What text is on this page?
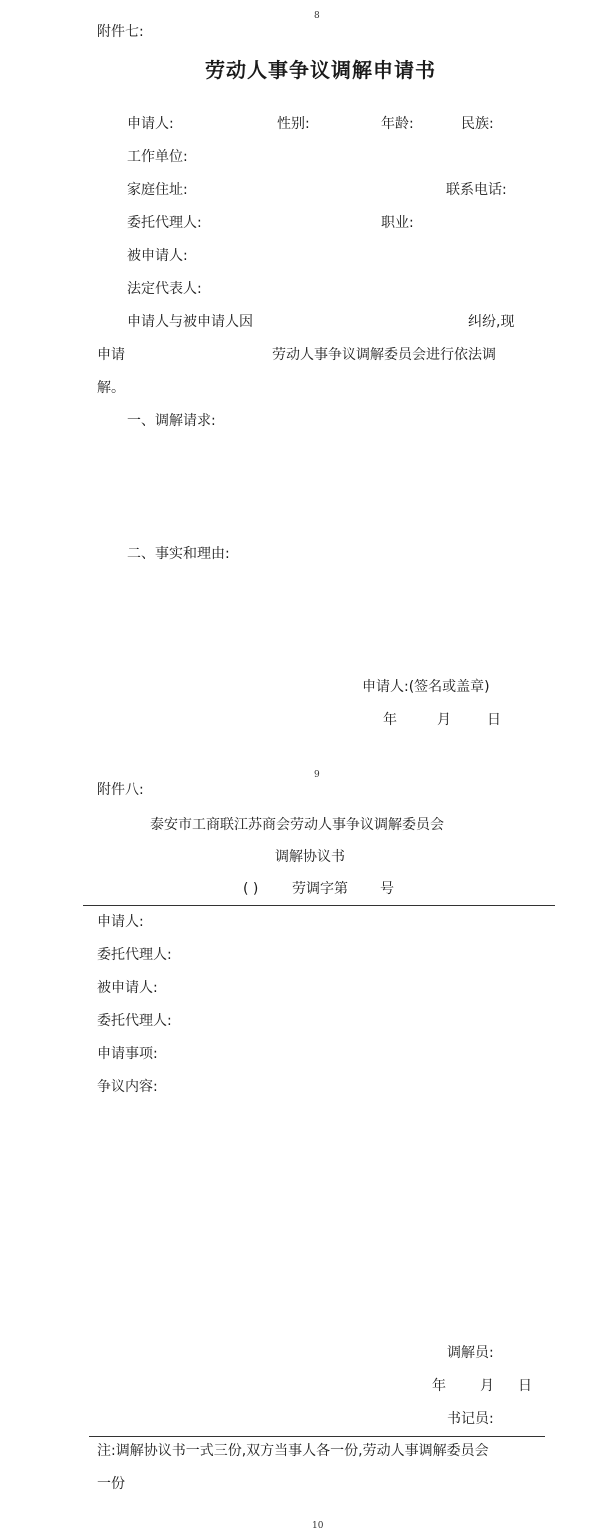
8
附件七:
劳动人事争议调解申请书
申请人:	性别:	年龄:	民族:
工作单位:
家庭住址:	联系电话:
委托代理人:	职业:
被申请人:
法定代表人:
申请人与被申请人因	纠纷,现
申请	劳动人事争议调解委员会进行依法调
解。
一、调解请求:
二、事实和理由:
申请人:(签名或盖章)
年	月	日
9
附件八:
泰安市工商联江苏商会劳动人事争议调解委员会
调解协议书
( ) 劳调字第 号
申请人:
委托代理人:
被申请人:
委托代理人:
申请事项:
争议内容:
调解员:
年 月 日
书记员:
注:调解协议书一式三份,双方当事人各一份,劳动人事调解委员会
一份
10
